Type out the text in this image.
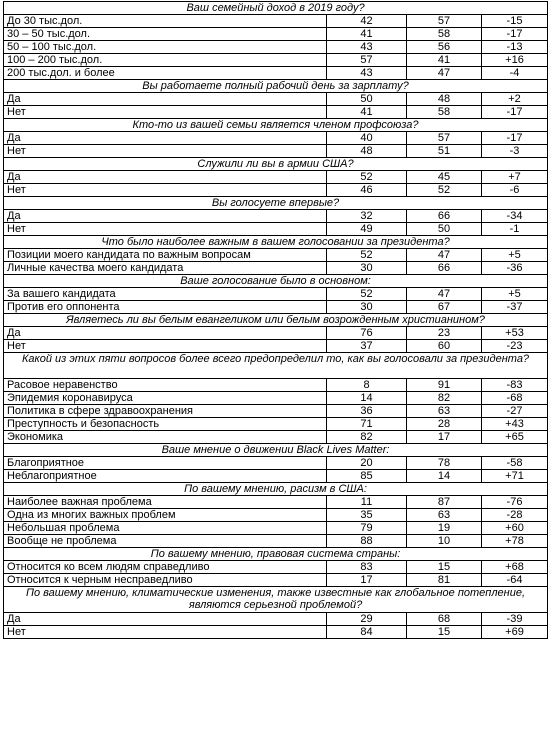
Ваш семейный доход в 2019 году?			
До 30 тыс.дол.	42	57	-15
30 – 50 тыс.дол.	41	58	-17
50 – 100 тыс.дол.	43	56	-13
100 – 200 тыс.дол.	57	41	+16
200 тыс.дол. и более	43	47	-4
Вы работаете полный рабочий день за зарплату?			
Да	50	48	+2
Нет	41	58	-17
Кто-то из вашей семьи является членом профсоюза?			
Да	40	57	-17
Нет	48	51	-3
Служили ли вы в армии США?			
Да	52	45	+7
Нет	46	52	-6
Вы голосуете впервые?			
Да	32	66	-34
Нет	49	50	-1
Что было наиболее важным в вашем голосовании за президента?			
Позиции моего кандидата по важным вопросам	52	47	+5
Личные качества моего кандидата	30	66	-36
Ваше голосование было в основном:			
За вашего кандидата	52	47	+5
Против его оппонента	30	67	-37
Являетесь ли вы белым евангеликом или белым возрожденным христианином?			
Да	76	23	+53
Нет	37	60	-23
Какой из этих пяти вопросов более всего предопределил то, как вы голосовали за президента?			
Расовое неравенство	8	91	-83
Эпидемия коронавируса	14	82	-68
Политика в сфере здравоохранения	36	63	-27
Преступность и безопасность	71	28	+43
Экономика	82	17	+65
Ваше мнение о движении Black Lives Matter:			
Благоприятное	20	78	-58
Неблагоприятное	85	14	+71
По вашему мнению, расизм в США:			
Наиболее важная проблема	11	87	-76
Одна из многих важных проблем	35	63	-28
Небольшая проблема	79	19	+60
Вообще не проблема	88	10	+78
По вашему мнению, правовая система страны:			
Относится ко всем людям справедливо	83	15	+68
Относится к черным несправедливо	17	81	-64
По вашему мнению, климатические изменения, также известные как глобальное потепление, являются серьезной проблемой?			
Да	29	68	-39
Нет	84	15	+69
